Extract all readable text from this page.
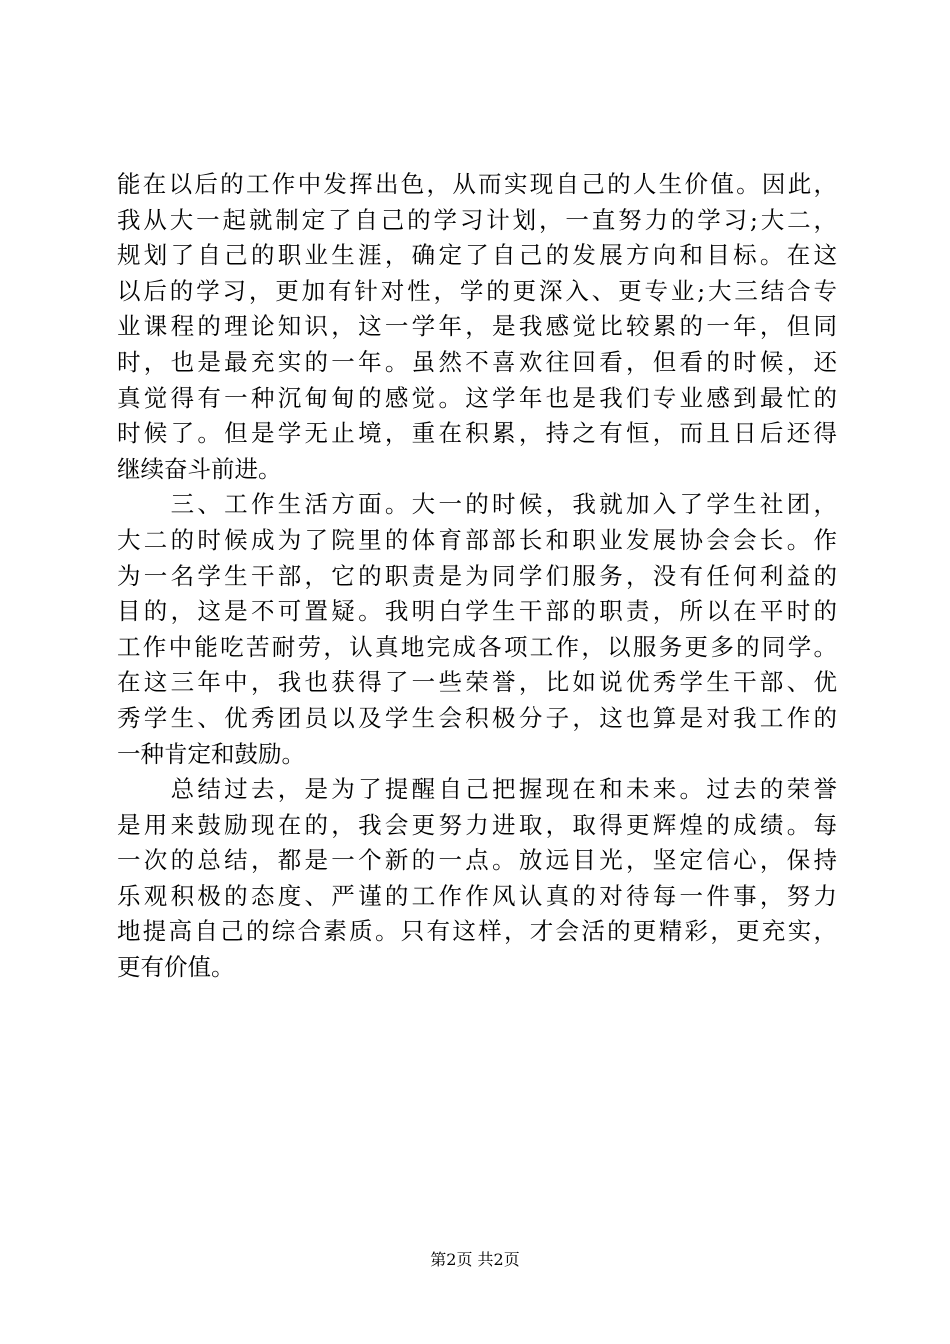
能在以后的工作中发挥出色，从而实现自己的人生价值。因此，
我从大一起就制定了自己的学习计划，一直努力的学习;大二，
规划了自己的职业生涯，确定了自己的发展方向和目标。在这
以后的学习，更加有针对性，学的更深入、更专业;大三结合专
业课程的理论知识，这一学年，是我感觉比较累的一年，但同
时，也是最充实的一年。虽然不喜欢往回看，但看的时候，还
真觉得有一种沉甸甸的感觉。这学年也是我们专业感到最忙的
时候了。但是学无止境，重在积累，持之有恒，而且日后还得
继续奋斗前进。
　　三、工作生活方面。大一的时候，我就加入了学生社团，
大二的时候成为了院里的体育部部长和职业发展协会会长。作
为一名学生干部，它的职责是为同学们服务，没有任何利益的
目的，这是不可置疑。我明白学生干部的职责，所以在平时的
工作中能吃苦耐劳，认真地完成各项工作，以服务更多的同学。
在这三年中，我也获得了一些荣誉，比如说优秀学生干部、优
秀学生、优秀团员以及学生会积极分子，这也算是对我工作的
一种肯定和鼓励。
　　总结过去，是为了提醒自己把握现在和未来。过去的荣誉
是用来鼓励现在的，我会更努力进取，取得更辉煌的成绩。每
一次的总结，都是一个新的一点。放远目光，坚定信心，保持
乐观积极的态度、严谨的工作作风认真的对待每一件事，努力
地提高自己的综合素质。只有这样，才会活的更精彩，更充实，
更有价值。
第2页 共2页
